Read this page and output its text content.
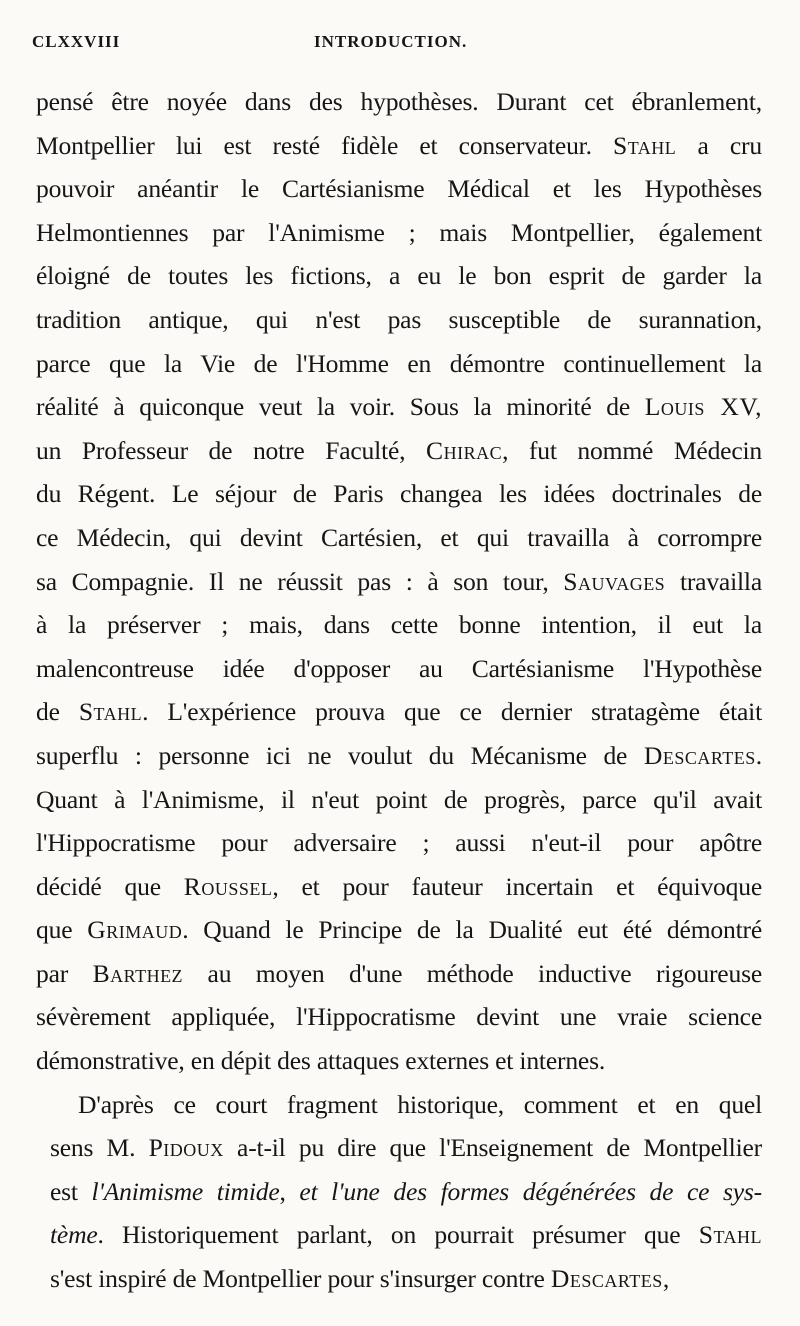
CLXXVIII	INTRODUCTION.
pensé être noyée dans des hypothèses. Durant cet ébranlement,
Montpellier lui est resté fidèle et conservateur. Stahl a cru
pouvoir anéantir le Cartésianisme Médical et les Hypothèses
Helmontiennes par l'Animisme ; mais Montpellier, également
éloigné de toutes les fictions, a eu le bon esprit de garder la
tradition antique, qui n'est pas susceptible de surannation,
parce que la Vie de l'Homme en démontre continuellement la
réalité à quiconque veut la voir. Sous la minorité de Louis XV,
un Professeur de notre Faculté, Chirac, fut nommé Médecin
du Régent. Le séjour de Paris changea les idées doctrinales de
ce Médecin, qui devint Cartésien, et qui travailla à corrompre
sa Compagnie. Il ne réussit pas : à son tour, Sauvages travailla
à la préserver ; mais, dans cette bonne intention, il eut la
malencontreuse idée d'opposer au Cartésianisme l'Hypothèse
de Stahl. L'expérience prouva que ce dernier stratagème était
superflu : personne ici ne voulut du Mécanisme de Descartes.
Quant à l'Animisme, il n'eut point de progrès, parce qu'il avait
l'Hippocratisme pour adversaire ; aussi n'eut-il pour apôtre
décidé que Roussel, et pour fauteur incertain et équivoque
que Grimaud. Quand le Principe de la Dualité eut été démontré
par Barthez au moyen d'une méthode inductive rigoureuse
sévèrement appliquée, l'Hippocratisme devint une vraie science
démonstrative, en dépit des attaques externes et internes.
D'après ce court fragment historique, comment et en quel
sens M. Pidoux a-t-il pu dire que l'Enseignement de Montpellier
est l'Animisme timide, et l'une des formes dégénérées de ce sys-
tème. Historiquement parlant, on pourrait présumer que Stahl
s'est inspiré de Montpellier pour s'insurger contre Descartes,
